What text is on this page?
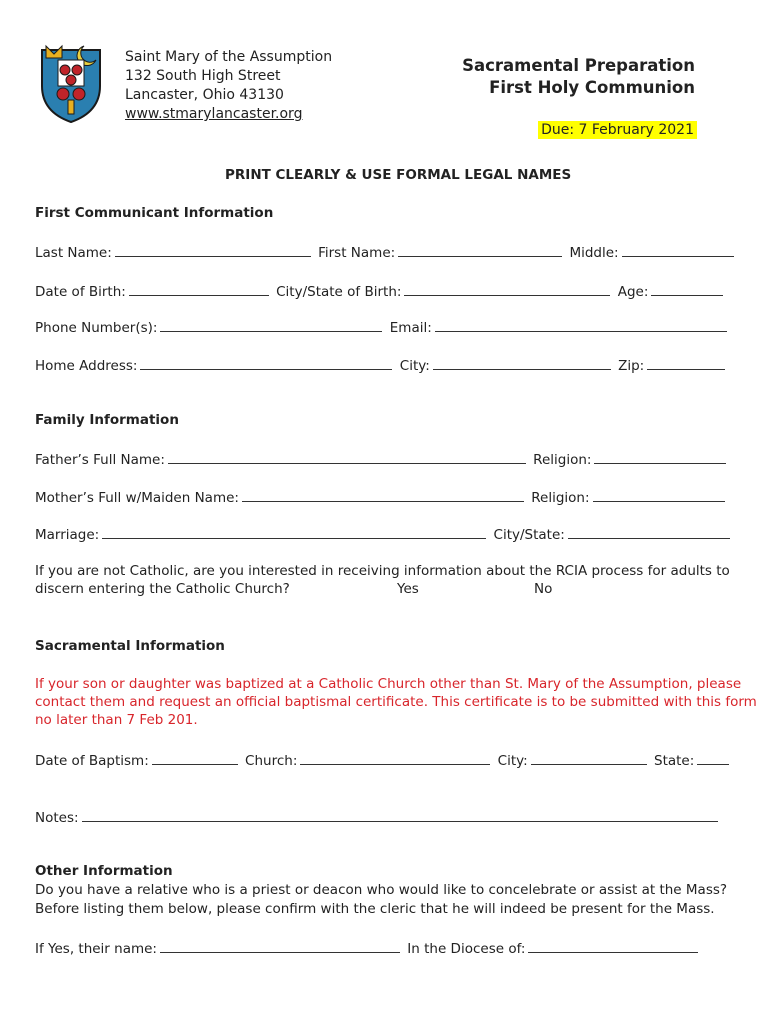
Saint Mary of the Assumption
132 South High Street
Lancaster, Ohio 43130
www.stmarylancaster.org
Sacramental Preparation
First Holy Communion
Due: 7 February 2021
PRINT CLEARLY & USE FORMAL LEGAL NAMES
First Communicant Information
Last Name:
	First Name:
	Middle:
Date of Birth:
	City/State of Birth:
	Age:
Phone Number(s):
	Email:
Home Address:
	City:
	Zip:
Family Information
Father’s Full Name:
	Religion:
Mother’s Full w/Maiden Name:
	Religion:
Marriage:
	City/State:
If you are not Catholic, are you interested in receiving information about the RCIA process for adults to
discern entering the Catholic Church?	Yes	No
Sacramental Information
If your son or daughter was baptized at a Catholic Church other than St. Mary of the Assumption, please
contact them and request an official baptismal certificate. This certificate is to be submitted with this form
no later than 7 Feb 201.
Date of Baptism:
	Church:
	City:
	State:
Notes:
Other Information
Do you have a relative who is a priest or deacon who would like to concelebrate or assist at the Mass?
Before listing them below, please confirm with the cleric that he will indeed be present for the Mass.
If Yes, their name:
	In the Diocese of:
